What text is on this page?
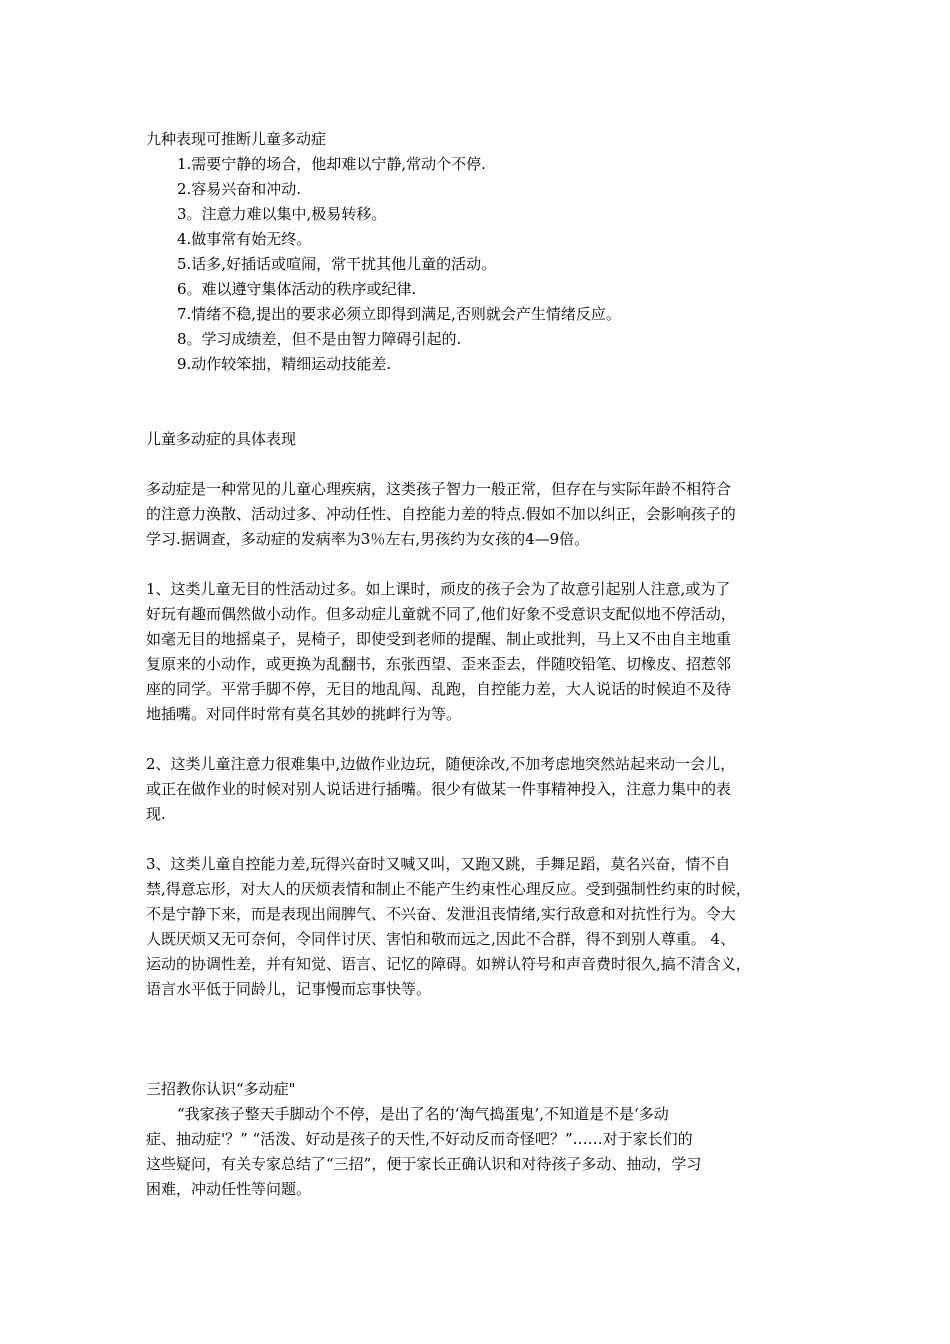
九种表现可推断儿童多动症
1.需要宁静的场合，他却难以宁静,常动个不停.
2.容易兴奋和冲动.
3。注意力难以集中,极易转移。
4.做事常有始无终。
5.话多,好插话或喧闹，常干扰其他儿童的活动。
6。难以遵守集体活动的秩序或纪律.
7.情绪不稳,提出的要求必须立即得到满足,否则就会产生情绪反应。
8。学习成绩差，但不是由智力障碍引起的.
9.动作较笨拙，精细运动技能差.
儿童多动症的具体表现
多动症是一种常见的儿童心理疾病，这类孩子智力一般正常，但存在与实际年龄不相符合
的注意力涣散、活动过多、冲动任性、自控能力差的特点.假如不加以纠正，会影响孩子的
学习.据调查，多动症的发病率为3％左右,男孩约为女孩的4—9倍。
1、这类儿童无目的性活动过多。如上课时，顽皮的孩子会为了故意引起别人注意,或为了
好玩有趣而偶然做小动作。但多动症儿童就不同了,他们好象不受意识支配似地不停活动，
如毫无目的地摇桌子，晃椅子，即使受到老师的提醒、制止或批判，马上又不由自主地重
复原来的小动作，或更换为乱翻书，东张西望、歪来歪去，伴随咬铅笔、切橡皮、招惹邻
座的同学。平常手脚不停，无目的地乱闯、乱跑，自控能力差，大人说话的时候迫不及待
地插嘴。对同伴时常有莫名其妙的挑衅行为等。
2、这类儿童注意力很难集中,边做作业边玩，随便涂改,不加考虑地突然站起来动一会儿，
或正在做作业的时候对别人说话进行插嘴。很少有做某一件事精神投入，注意力集中的表
现.
3、这类儿童自控能力差,玩得兴奋时又喊又叫，又跑又跳，手舞足蹈，莫名兴奋，情不自
禁,得意忘形，对大人的厌烦表情和制止不能产生约束性心理反应。受到强制性约束的时候，
不是宁静下来，而是表现出闹脾气、不兴奋、发泄沮丧情绪,实行敌意和对抗性行为。令大
人既厌烦又无可奈何，令同伴讨厌、害怕和敬而远之,因此不合群，得不到别人尊重。 4、
运动的协调性差，并有知觉、语言、记忆的障碍。如辨认符号和声音费时很久,搞不清含义，
语言水平低于同龄儿，记事慢而忘事快等。
三招教你认识“多动症"
“我家孩子整天手脚动个不停，是出了名的‘淘气捣蛋鬼’,不知道是不是‘多动
症、抽动症'？” “活泼、好动是孩子的天性,不好动反而奇怪吧？”……对于家长们的
这些疑问，有关专家总结了“三招”，便于家长正确认识和对待孩子多动、抽动，学习
困难，冲动任性等问题。
